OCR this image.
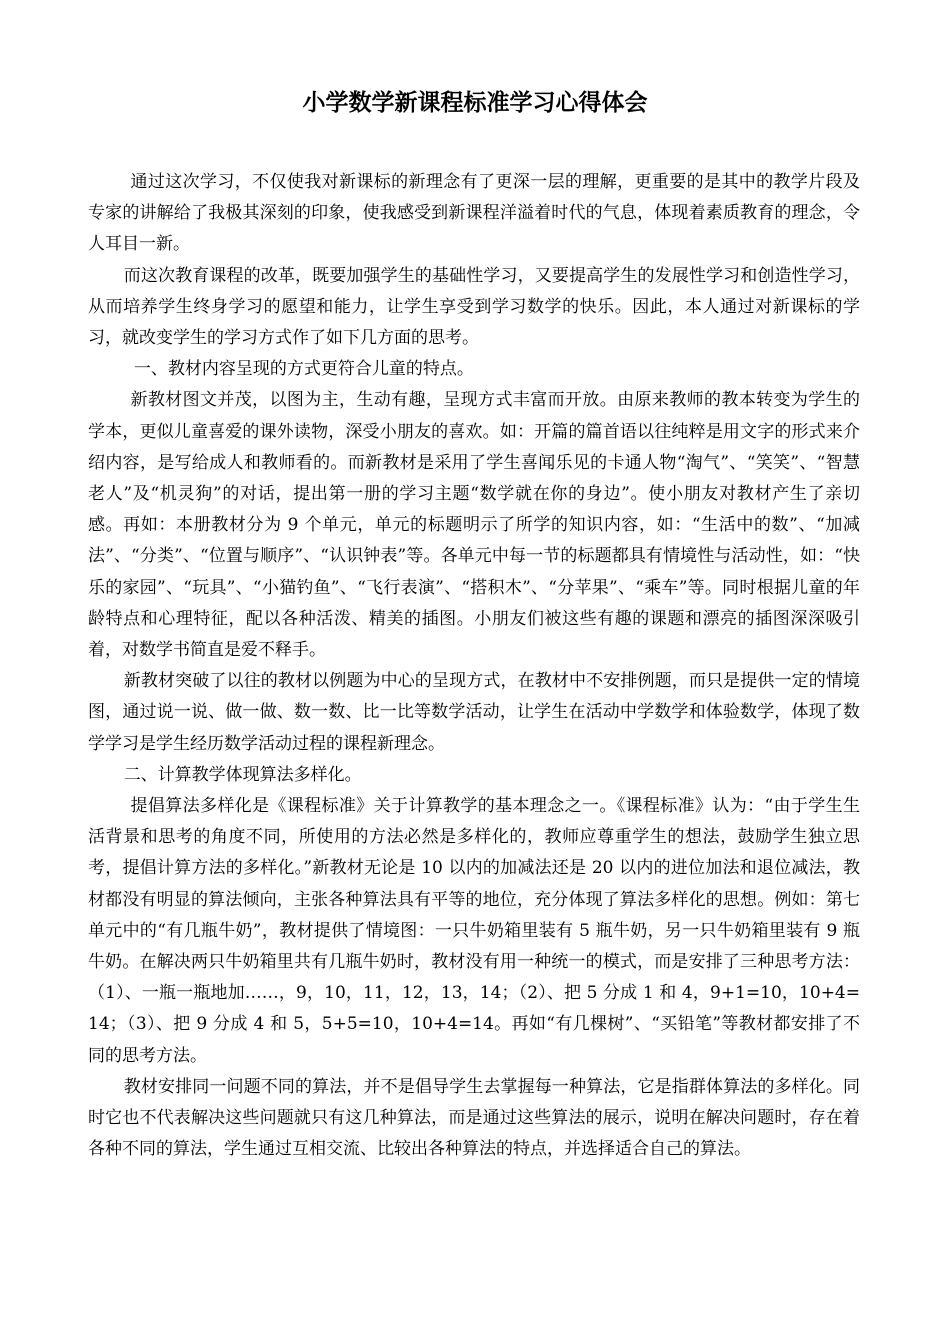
小学数学新课程标准学习心得体会

通过这次学习，不仅使我对新课标的新理念有了更深一层的理解，更重要的是其中的教学片段及专家的讲解给了我极其深刻的印象，使我感受到新课程洋溢着时代的气息，体现着素质教育的理念，令人耳目一新。

而这次教育课程的改革，既要加强学生的基础性学习，又要提高学生的发展性学习和创造性学习，从而培养学生终身学习的愿望和能力，让学生享受到学习数学的快乐。因此，本人通过对新课标的学习，就改变学生的学习方式作了如下几方面的思考。

一、教材内容呈现的方式更符合儿童的特点。

新教材图文并茂，以图为主，生动有趣，呈现方式丰富而开放。由原来教师的教本转变为学生的学本，更似儿童喜爱的课外读物，深受小朋友的喜欢。如：开篇的篇首语以往纯粹是用文字的形式来介绍内容，是写给成人和教师看的。而新教材是采用了学生喜闻乐见的卡通人物“淘气”、“笑笑”、“智慧老人”及“机灵狗”的对话，提出第一册的学习主题“数学就在你的身边”。使小朋友对教材产生了亲切感。再如：本册教材分为 9 个单元，单元的标题明示了所学的知识内容，如：“生活中的数”、“加减法”、“分类”、“位置与顺序”、“认识钟表”等。各单元中每一节的标题都具有情境性与活动性，如：“快乐的家园”、“玩具”、“小猫钓鱼”、“飞行表演”、“搭积木”、“分苹果”、“乘车”等。同时根据儿童的年龄特点和心理特征，配以各种活泼、精美的插图。小朋友们被这些有趣的课题和漂亮的插图深深吸引着，对数学书简直是爱不释手。

新教材突破了以往的教材以例题为中心的呈现方式，在教材中不安排例题，而只是提供一定的情境图，通过说一说、做一做、数一数、比一比等数学活动，让学生在活动中学数学和体验数学，体现了数学学习是学生经历数学活动过程的课程新理念。

二、计算教学体现算法多样化。

提倡算法多样化是《课程标准》关于计算教学的基本理念之一。《课程标准》认为：“由于学生生活背景和思考的角度不同，所使用的方法必然是多样化的，教师应尊重学生的想法，鼓励学生独立思考，提倡计算方法的多样化。”新教材无论是 10 以内的加减法还是 20 以内的进位加法和退位减法，教材都没有明显的算法倾向，主张各种算法具有平等的地位，充分体现了算法多样化的思想。例如：第七单元中的“有几瓶牛奶”，教材提供了情境图：一只牛奶箱里装有 5 瓶牛奶，另一只牛奶箱里装有 9 瓶牛奶。在解决两只牛奶箱里共有几瓶牛奶时，教材没有用一种统一的模式，而是安排了三种思考方法：（1）、一瓶一瓶地加……，9，10，11，12，13，14；（2）、把 5 分成 1 和 4，9+1=10，10+4=14；（3）、把 9 分成 4 和 5，5+5=10，10+4=14。再如“有几棵树”、“买铅笔”等教材都安排了不同的思考方法。

教材安排同一问题不同的算法，并不是倡导学生去掌握每一种算法，它是指群体算法的多样化。同时它也不代表解决这些问题就只有这几种算法，而是通过这些算法的展示，说明在解决问题时，存在着各种不同的算法，学生通过互相交流、比较出各种算法的特点，并选择适合自己的算法。
